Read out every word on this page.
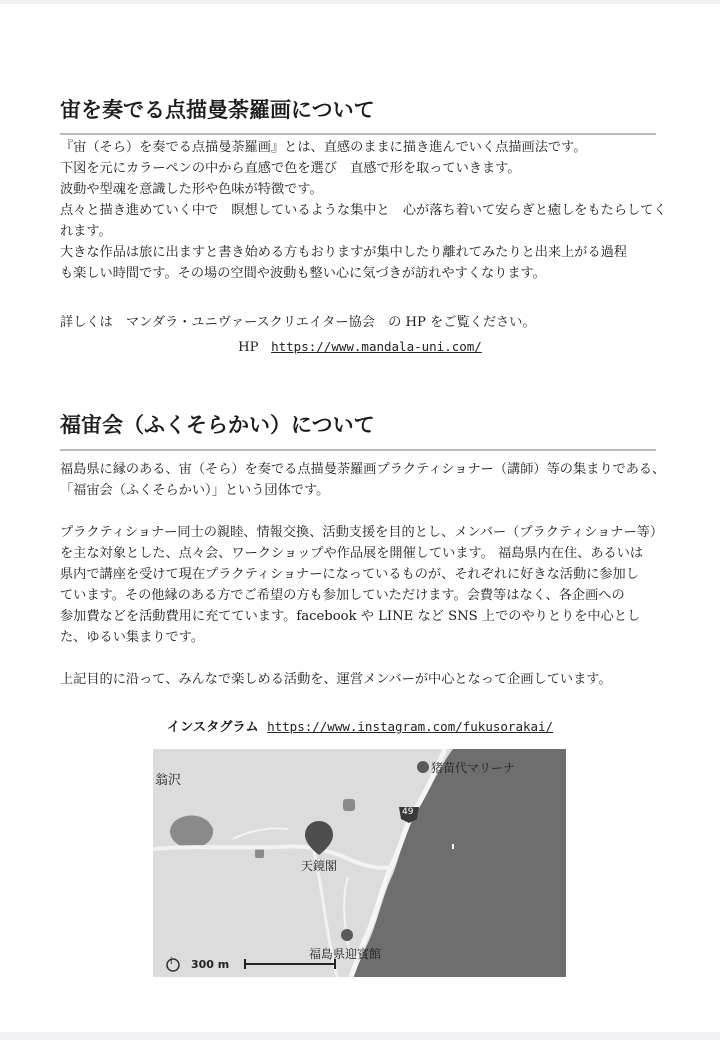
宙を奏でる点描曼荼羅画について
『宙（そら）を奏でる点描曼荼羅画』とは、直感のままに描き進んでいく点描画法です。
下図を元にカラーペンの中から直感で色を選び　直感で形を取っていきます。
波動や型魂を意識した形や色味が特徴です。
点々と描き進めていく中で　瞑想しているような集中と　心が落ち着いて安らぎと癒しをもたらしてく
れます。
大きな作品は旅に出ますと書き始める方もおりますが集中したり離れてみたりと出来上がる過程
も楽しい時間です。その場の空間や波動も整い心に気づきが訪れやすくなります。
詳しくは　マンダラ・ユニヴァースクリエイター協会　の HP をご覧ください。
HP https://www.mandala-uni.com/
福宙会（ふくそらかい）について
福島県に縁のある、宙（そら）を奏でる点描曼荼羅画プラクティショナー（講師）等の集まりである、
「福宙会（ふくそらかい）」という団体です。
プラクティショナー同士の親睦、情報交換、活動支援を目的とし、メンバー（プラクティショナー等）
を主な対象とした、点々会、ワークショップや作品展を開催しています。 福島県内在住、あるいは
県内で講座を受けて現在プラクティショナーになっているものが、それぞれに好きな活動に参加し
ています。その他縁のある方でご希望の方も参加していただけます。会費等はなく、各企画への
参加費などを活動費用に充てています。facebook や LINE など SNS 上でのやりとりを中心とし
た、ゆるい集まりです。
上記目的に沿って、みんなで楽しめる活動を、運営メンバーが中心となって企画しています。
インスタグラム https://www.instagram.com/fukusorakai/
翁沢
猪苗代マリーナ
49
天鏡閣
福島県迎賓館
i 300 m
